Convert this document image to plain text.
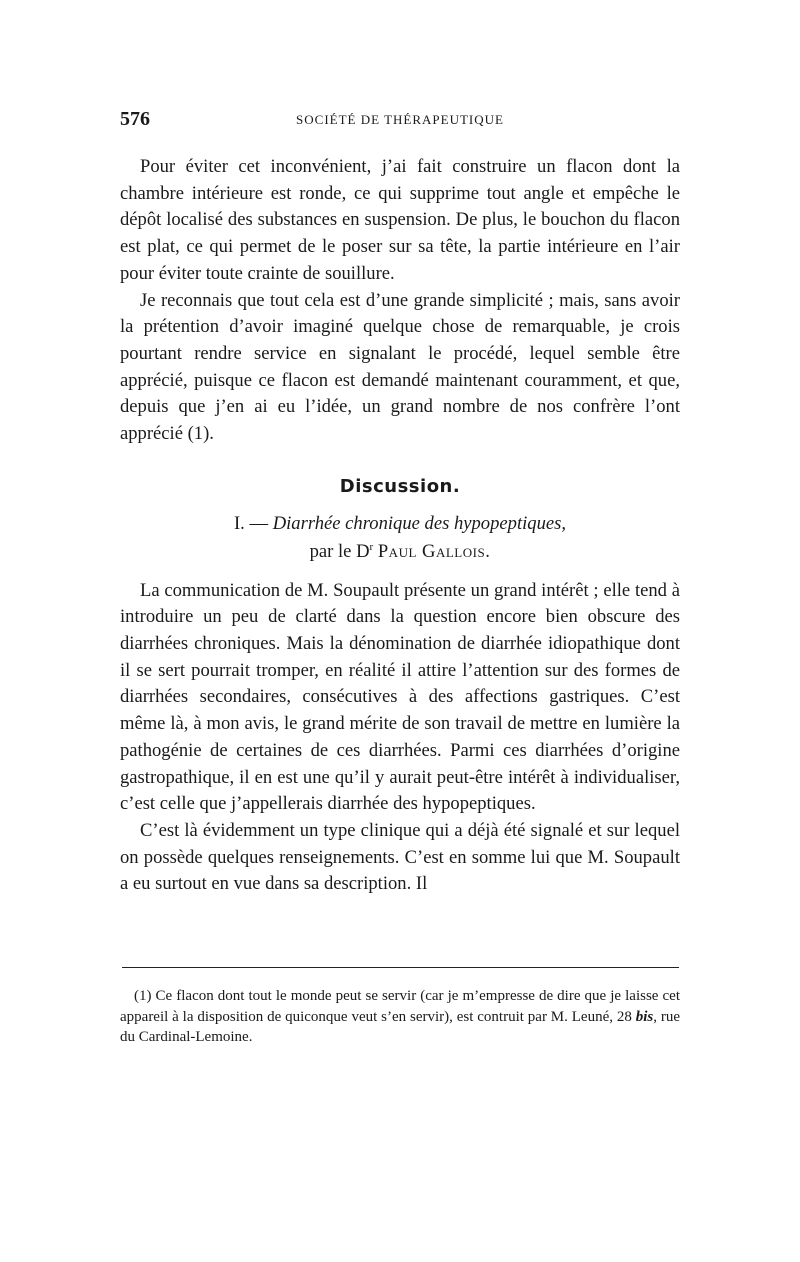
576	SOCIÉTÉ DE THÉRAPEUTIQUE

Pour éviter cet inconvénient, j’ai fait construire un flacon dont la chambre intérieure est ronde, ce qui supprime tout angle et empêche le dépôt localisé des substances en suspension. De plus, le bouchon du flacon est plat, ce qui permet de le poser sur sa tête, la partie intérieure en l’air pour éviter toute crainte de souillure.

Je reconnais que tout cela est d’une grande simplicité ; mais, sans avoir la prétention d’avoir imaginé quelque chose de remarquable, je crois pourtant rendre service en signalant le procédé, lequel semble être apprécié, puisque ce flacon est demandé maintenant couramment, et que, depuis que j’en ai eu l’idée, un grand nombre de nos confrère l’ont apprécié (1).

Discussion.
I. — Diarrhée chronique des hypopeptiques,
par le $D^r$ Paul Gallois.

La communication de M. Soupault présente un grand intérêt ; elle tend à introduire un peu de clarté dans la question encore bien obscure des diarrhées chroniques. Mais la dénomination de diarrhée idiopathique dont il se sert pourrait tromper, en réalité il attire l’attention sur des formes de diarrhées secondaires, consécutives à des affections gastriques. C’est même là, à mon avis, le grand mérite de son travail de mettre en lumière la pathogénie de certaines de ces diarrhées. Parmi ces diarrhées d’origine gastropathique, il en est une qu’il y aurait peut-être intérêt à individualiser, c’est celle que j’appellerais diarrhée des hypopeptiques.

C’est là évidemment un type clinique qui a déjà été signalé et sur lequel on possède quelques renseignements. C’est en somme lui que M. Soupault a eu surtout en vue dans sa description. Il

(1) Ce flacon dont tout le monde peut se servir (car je m’empresse de dire que je laisse cet appareil à la disposition de quiconque veut s’en servir), est contruit par M. Leuné, 28 bis, rue du Cardinal-Lemoine.
